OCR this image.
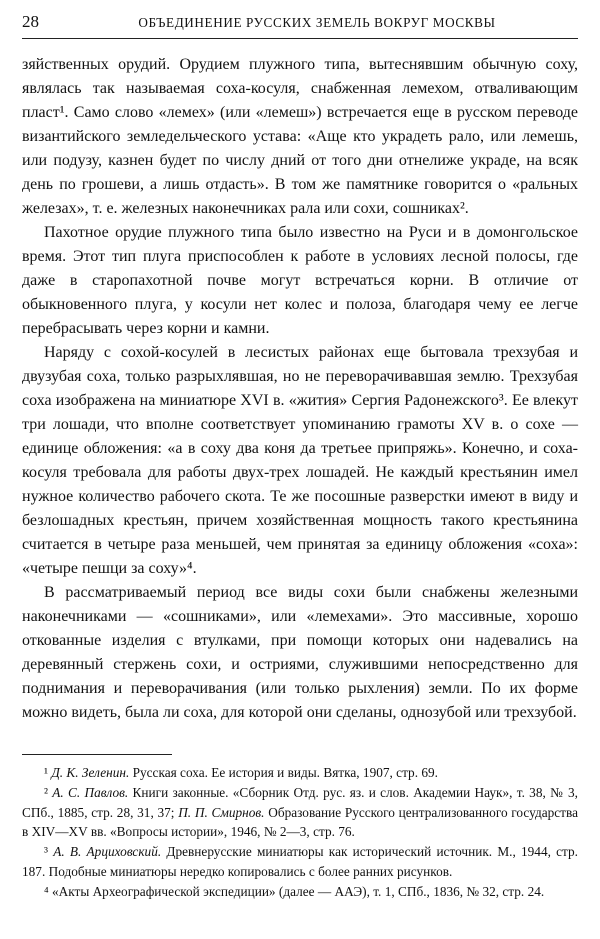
28	ОБЪЕДИНЕНИЕ РУССКИХ ЗЕМЕЛЬ ВОКРУГ МОСКВЫ

зяйственных орудий. Орудием плужного типа, вытеснявшим обычную соху, являлась так называемая соха-косуля, снабженная лемехом, отваливающим пласт¹. Само слово «лемех» (или «лемеш») встречается еще в русском переводе византийского земледельческого устава: «Аще кто украдеть рало, или лемешь, или подузу, казнен будет по числу дний от того дни отнелиже украде, на всяк день по грошеви, а лишь отдасть». В том же памятнике говорится о «ральных железах», т. е. железных наконечниках рала или сохи, сошниках².

Пахотное орудие плужного типа было известно на Руси и в домонгольское время. Этот тип плуга приспособлен к работе в условиях лесной полосы, где даже в старопахотной почве могут встречаться корни. В отличие от обыкновенного плуга, у косули нет колес и полоза, благодаря чему ее легче перебрасывать через корни и камни.

Наряду с сохой-косулей в лесистых районах еще бытовала трехзубая и двузубая соха, только разрыхлявшая, но не переворачивавшая землю. Трехзубая соха изображена на миниатюре XVI в. «жития» Сергия Радонежского³. Ее влекут три лошади, что вполне соответствует упоминанию грамоты XV в. о сохе — единице обложения: «а в соху два коня да третьее припряжь». Конечно, и соха-косуля требовала для работы двух-трех лошадей. Не каждый крестьянин имел нужное количество рабочего скота. Те же посошные разверстки имеют в виду и безлошадных крестьян, причем хозяйственная мощность такого крестьянина считается в четыре раза меньшей, чем принятая за единицу обложения «соха»: «четыре пешци за соху»⁴.

В рассматриваемый период все виды сохи были снабжены железными наконечниками — «сошниками», или «лемехами». Это массивные, хорошо откованные изделия с втулками, при помощи которых они надевались на деревянный стержень сохи, и остриями, служившими непосредственно для поднимания и переворачивания (или только рыхления) земли. По их форме можно видеть, была ли соха, для которой они сделаны, однозубой или трехзубой.

¹ Д. К. Зеленин. Русская соха. Ее история и виды. Вятка, 1907, стр. 69.

² А. С. Павлов. Книги законные. «Сборник Отд. рус. яз. и слов. Академии Наук», т. 38, № 3, СПб., 1885, стр. 28, 31, 37; П. П. Смирнов. Образование Русского централизованного государства в XIV—XV вв. «Вопросы истории», 1946, № 2—3, стр. 76.

³ А. В. Арциховский. Древнерусские миниатюры как исторический источник. М., 1944, стр. 187. Подобные миниатюры нередко копировались с более ранних рисунков.

⁴ «Акты Археографической экспедиции» (далее — ААЭ), т. 1, СПб., 1836, № 32, стр. 24.
